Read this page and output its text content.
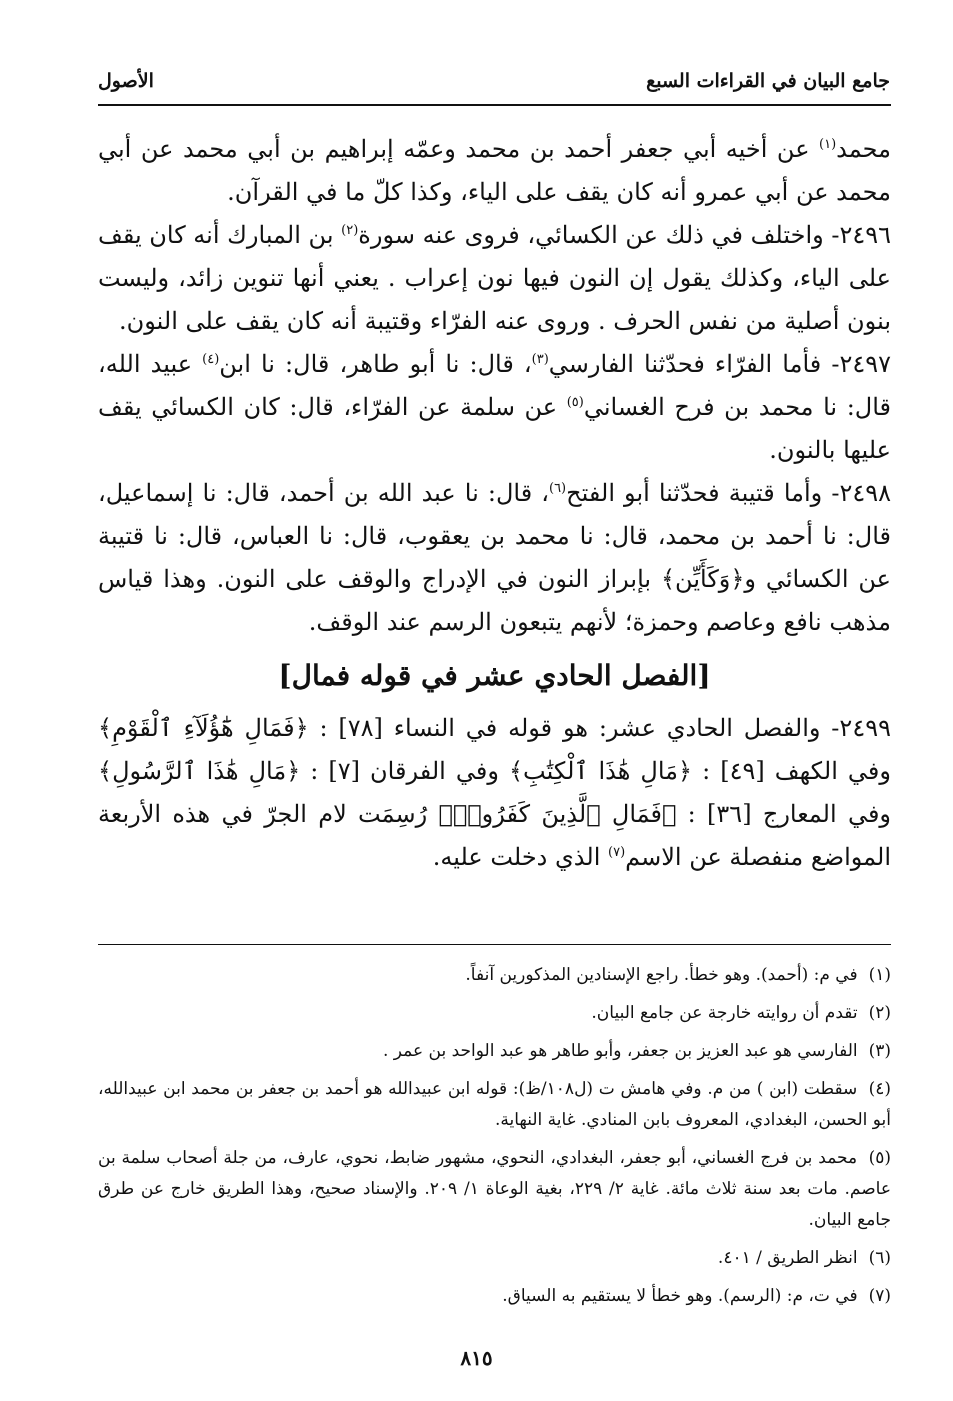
جامع البيان في القراءات السبع
الأصول

محمد$^{(١)}$ عن أخيه أبي جعفر أحمد بن محمد وعمّه إبراهيم بن أبي محمد عن أبي محمد عن أبي عمرو أنه كان يقف على الياء، وكذا كلّ ما في القرآن.

٢٤٩٦- واختلف في ذلك عن الكسائي، فروى عنه سورة$^{(٢)}$ بن المبارك أنه كان يقف على الياء، وكذلك يقول إن النون فيها نون إعراب . يعني أنها تنوين زائد، وليست بنون أصلية من نفس الحرف . وروى عنه الفرّاء وقتيبة أنه كان يقف على النون.

٢٤٩٧- فأما الفرّاء فحدّثنا الفارسي$^{(٣)}$، قال: نا أبو طاهر، قال: نا ابن$^{(٤)}$ عبيد الله، قال: نا محمد بن فرح الغساني$^{(٥)}$ عن سلمة عن الفرّاء، قال: كان الكسائي يقف عليها بالنون.

٢٤٩٨- وأما قتيبة فحدّثنا أبو الفتح$^{(٦)}$، قال: نا عبد الله بن أحمد، قال: نا إسماعيل، قال: نا أحمد بن محمد، قال: نا محمد بن يعقوب، قال: نا العباس، قال: نا قتيبة عن الكسائي و﴿وَكَأَيِّن﴾ بإبراز النون في الإدراج والوقف على النون. وهذا قياس مذهب نافع وعاصم وحمزة؛ لأنهم يتبعون الرسم عند الوقف.

[الفصل الحادي عشر في قوله فمال]

٢٤٩٩- والفصل الحادي عشر: هو قوله في النساء [٧٨] : ﴿فَمَالِ هَٰٓؤُلَآءِ ٱلْقَوْمِ﴾ وفي الكهف [٤٩] : ﴿مَالِ هَٰذَا ٱلْكِتَٰبِ﴾ وفي الفرقان [٧] : ﴿مَالِ هَٰذَا ٱلرَّسُولِ﴾ وفي المعارج [٣٦] : ﴿فَمَالِ ٱلَّذِينَ كَفَرُوا۟﴾ رُسِمَت لام الجرّ في هذه الأربعة المواضع منفصلة عن الاسم$^{(٧)}$ الذي دخلت عليه.

(١) في م: (أحمد). وهو خطأ. راجع الإسنادين المذكورين آنفاً.

(٢) تقدم أن روايته خارجة عن جامع البيان.

(٣) الفارسي هو عبد العزيز بن جعفر، وأبو طاهر هو عبد الواحد بن عمر .

(٤) سقطت (ابن ) من م. وفي هامش ت (ل١٠٨/ظ): قوله ابن عبيدالله هو أحمد بن جعفر بن محمد ابن عبيدالله، أبو الحسن، البغدادي، المعروف بابن المنادي. غاية النهاية.

(٥) محمد بن فرج الغساني، أبو جعفر، البغدادي، النحوي، مشهور ضابط، نحوي، عارف، من جلة أصحاب سلمة بن عاصم. مات بعد سنة ثلاث مائة. غاية ٢/ ٢٢٩، بغية الوعاة ١/ ٢٠٩. والإسناد صحيح، وهذا الطريق خارج عن طرق جامع البيان.

(٦) انظر الطريق / ٤٠١.

(٧) في ت، م: (الرسم). وهو خطأ لا يستقيم به السياق.

٨١٥
